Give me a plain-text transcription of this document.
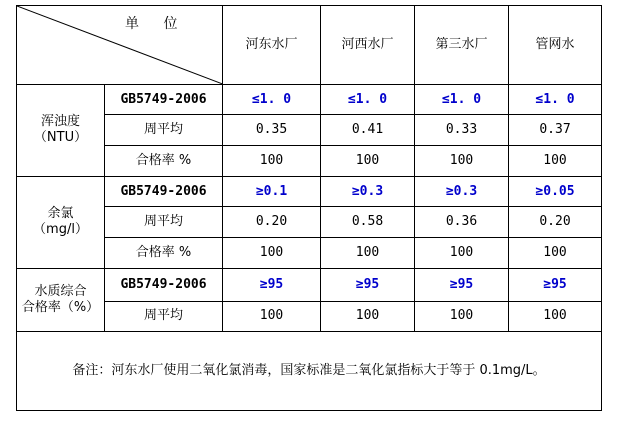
单 位		河东水厂	河西水厂	第三水厂	管网水

浑浊度
（NTU）	GB5749-2006	≤1. 0	≤1. 0	≤1. 0	≤1. 0
	周平均	0.35	0.41	0.33	0.37
	合格率 %	100	100	100	100

余氯
（mg/l）	GB5749-2006	≥0.1	≥0.3	≥0.3	≥0.05
	周平均	0.20	0.58	0.36	0.20
	合格率 %	100	100	100	100

水质综合
合格率（%）	GB5749-2006	≥95	≥95	≥95	≥95
	周平均	100	100	100	100
备注：河东水厂使用二氧化氯消毒，国家标准是二氧化氯指标大于等于 0.1mg/L。					
